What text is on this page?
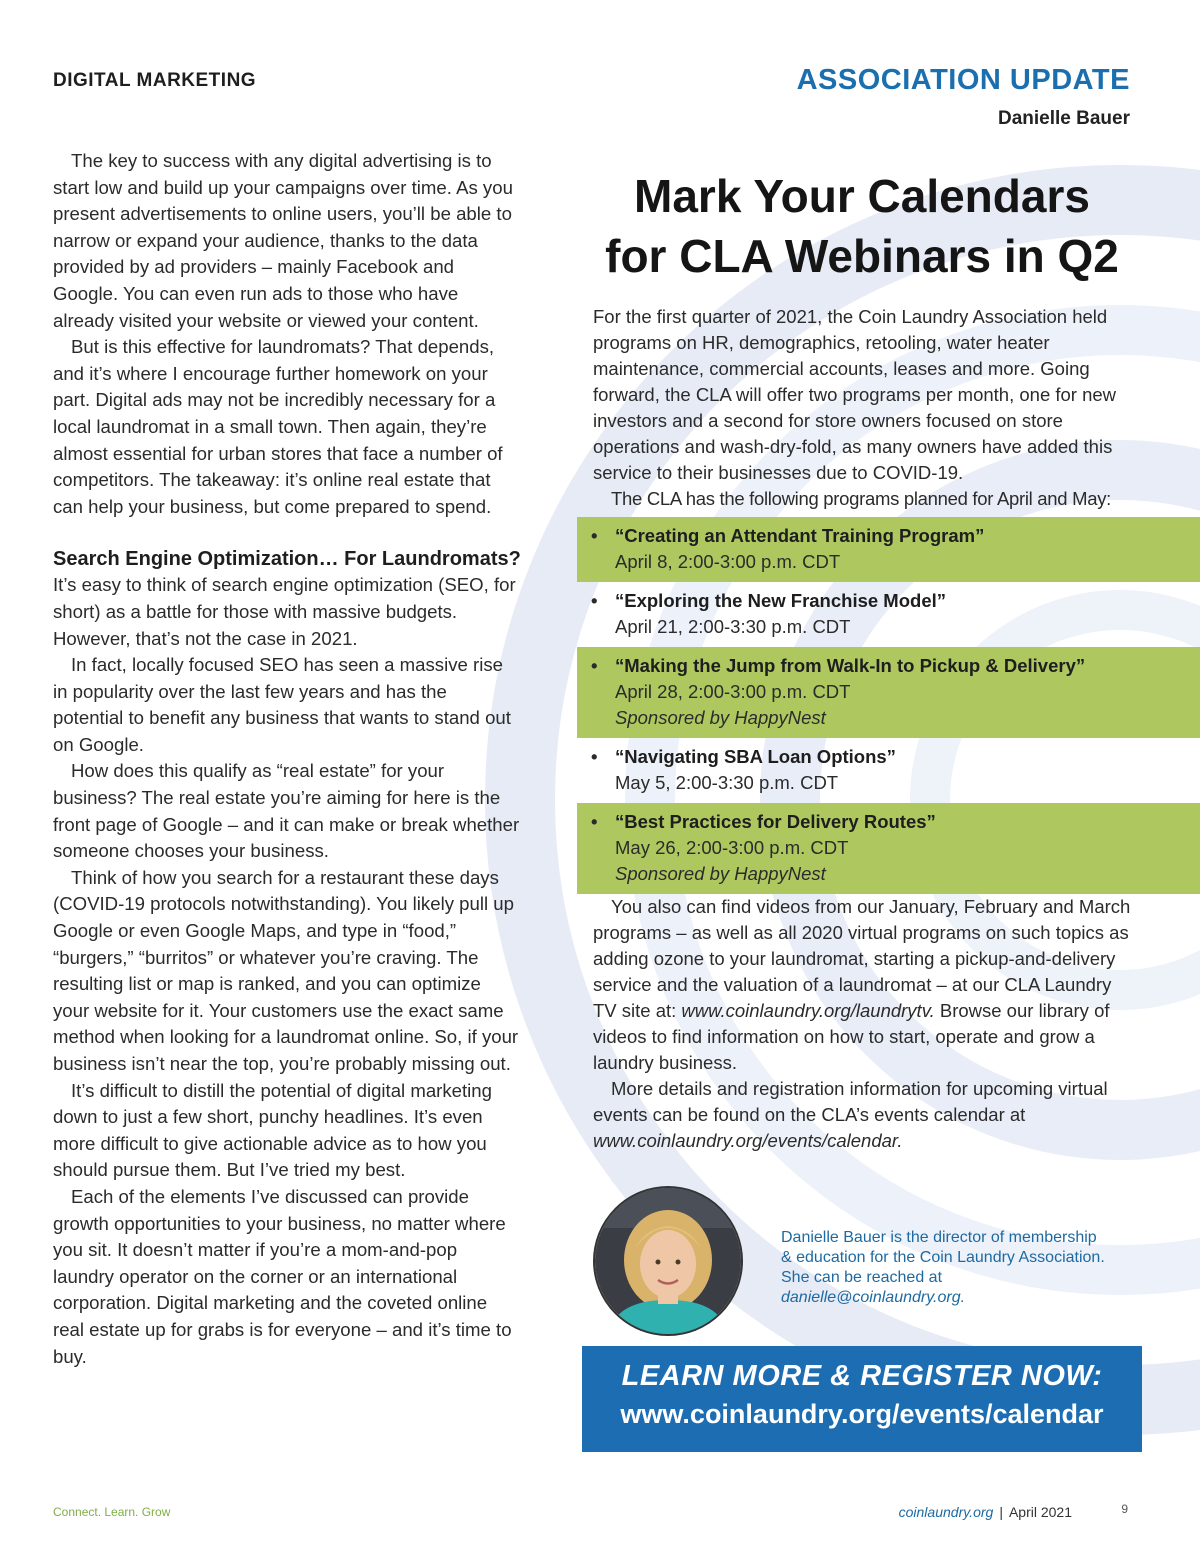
DIGITAL MARKETING	ASSOCIATION UPDATE
Danielle Bauer
Mark Your Calendars
for CLA Webinars in Q2

The key to success with any digital advertising is to start low and build up your campaigns over time. As you present advertisements to online users, you’ll be able to narrow or expand your audience, thanks to the data provided by ad providers – mainly Facebook and Google. You can even run ads to those who have already visited your website or viewed your content.

But is this effective for laundromats? That depends, and it’s where I encourage further homework on your part. Digital ads may not be incredibly necessary for a local laundromat in a small town. Then again, they’re almost essential for urban stores that face a number of competitors. The takeaway: it’s online real estate that can help your business, but come prepared to spend.

Search Engine Optimization… For Laundromats?

It’s easy to think of search engine optimization (SEO, for short) as a battle for those with massive budgets. However, that’s not the case in 2021.

In fact, locally focused SEO has seen a massive rise in popularity over the last few years and has the potential to benefit any business that wants to stand out on Google.

How does this qualify as “real estate” for your business? The real estate you’re aiming for here is the front page of Google – and it can make or break whether someone chooses your business.

Think of how you search for a restaurant these days (COVID-19 protocols notwithstanding). You likely pull up Google or even Google Maps, and type in “food,” “burgers,” “burritos” or whatever you’re craving. The resulting list or map is ranked, and you can optimize your website for it. Your customers use the exact same method when looking for a laundromat online. So, if your business isn’t near the top, you’re probably missing out.

It’s difficult to distill the potential of digital marketing down to just a few short, punchy headlines. It’s even more difficult to give actionable advice as to how you should pursue them. But I’ve tried my best.

Each of the elements I’ve discussed can provide growth opportunities to your business, no matter where you sit. It doesn’t matter if you’re a mom-and-pop laundry operator on the corner or an international corporation. Digital marketing and the coveted online real estate up for grabs is for everyone – and it’s time to buy.

For the first quarter of 2021, the Coin Laundry Association held programs on HR, demographics, retooling, water heater maintenance, commercial accounts, leases and more. Going forward, the CLA will offer two programs per month, one for new investors and a second for store owners focused on store operations and wash-dry-fold, as many owners have added this service to their businesses due to COVID-19.

The CLA has the following programs planned for April and May:

• “Creating an Attendant Training Program”
April 8, 2:00-3:00 p.m. CDT
• “Exploring the New Franchise Model”
April 21, 2:00-3:30 p.m. CDT
• “Making the Jump from Walk-In to Pickup & Delivery”
April 28, 2:00-3:00 p.m. CDT
Sponsored by HappyNest
• “Navigating SBA Loan Options”
May 5, 2:00-3:30 p.m. CDT
• “Best Practices for Delivery Routes”
May 26, 2:00-3:00 p.m. CDT
Sponsored by HappyNest

You also can find videos from our January, February and March programs – as well as all 2020 virtual programs on such topics as adding ozone to your laundromat, starting a pickup-and-delivery service and the valuation of a laundromat – at our CLA Laundry TV site at: www.coinlaundry.org/laundrytv. Browse our library of videos to find information on how to start, operate and grow a laundry business.

More details and registration information for upcoming virtual events can be found on the CLA’s events calendar at www.coinlaundry.org/events/calendar.

Danielle Bauer is the director of membership & education for the Coin Laundry Association. She can be reached at danielle@coinlaundry.org.
LEARN MORE & REGISTER NOW:
www.coinlaundry.org/events/calendar
Connect. Learn. Grow	coinlaundry.org | April 2021	9
